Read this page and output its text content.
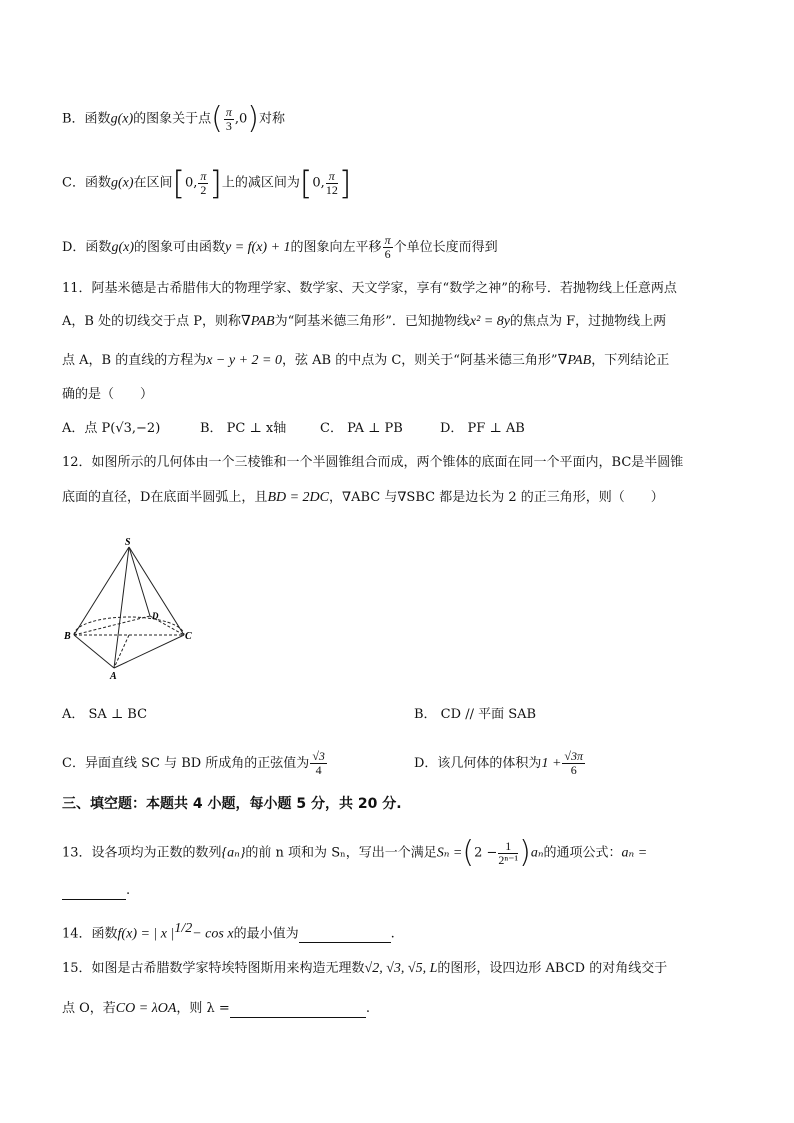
B．函数g(x)的图象关于点( $\frac{\pi}{3} ,0$)对称
C．函数g(x)在区间[0, $\frac{\pi}{2}$ ]上的减区间为[0, $\frac{\pi}{12}$ ]
D．函数g(x)的图象可由函数y = f(x) + 1的图象向左平移 $\frac{\pi}{6}$ 个单位长度而得到
11．阿基米德是古希腊伟大的物理学家、数学家、天文学家，享有“数学之神”的称号．若抛物线上任意两点
A，B 处的切线交于点 P，则称∇PAB为“阿基米德三角形”．已知抛物线x² = 8y的焦点为 F，过抛物线上两
点 A，B 的直线的方程为x − y + 2 = 0，弦 AB 的中点为 C，则关于“阿基米德三角形”∇PAB，下列结论正
确的是（　　）
A．点 P(√3,−2)	B． PC ⊥ x轴	C． PA ⊥ PB	D． PF ⊥ AB
12．如图所示的几何体由一个三棱锥和一个半圆锥组合而成，两个锥体的底面在同一个平面内，BC是半圆锥
底面的直径，D在底面半圆弧上，且BD = 2DC，∇ABC 与∇SBC 都是边长为 2 的正三角形，则（　　）
S
D
B	C
A
A． SA ⊥ BC	B． CD // 平面 SAB
C．异面直线 SC 与 BD 所成角的正弦值为 $\frac{√3}{4}$	D．该几何体的体积为$1 + \frac{√3\pi}{6}$
三、填空题：本题共 4 小题，每小题 5 分，共 20 分.
13．设各项均为正数的数列{aₙ}的前 n 项和为 Sₙ，写出一个满足$S_n =(2 - \frac{1}{\text{2ⁿ⁻¹}} )a_n$的通项公式：aₙ =
.
14．函数f(x) = | x $|^{1/2}- \cos x$的最小值为	.
15．如图是古希腊数学家特埃特图斯用来构造无理数√2, √3, √5, L的图形，设四边形 ABCD 的对角线交于
点 O，若CO = λOA，则 λ =	.
